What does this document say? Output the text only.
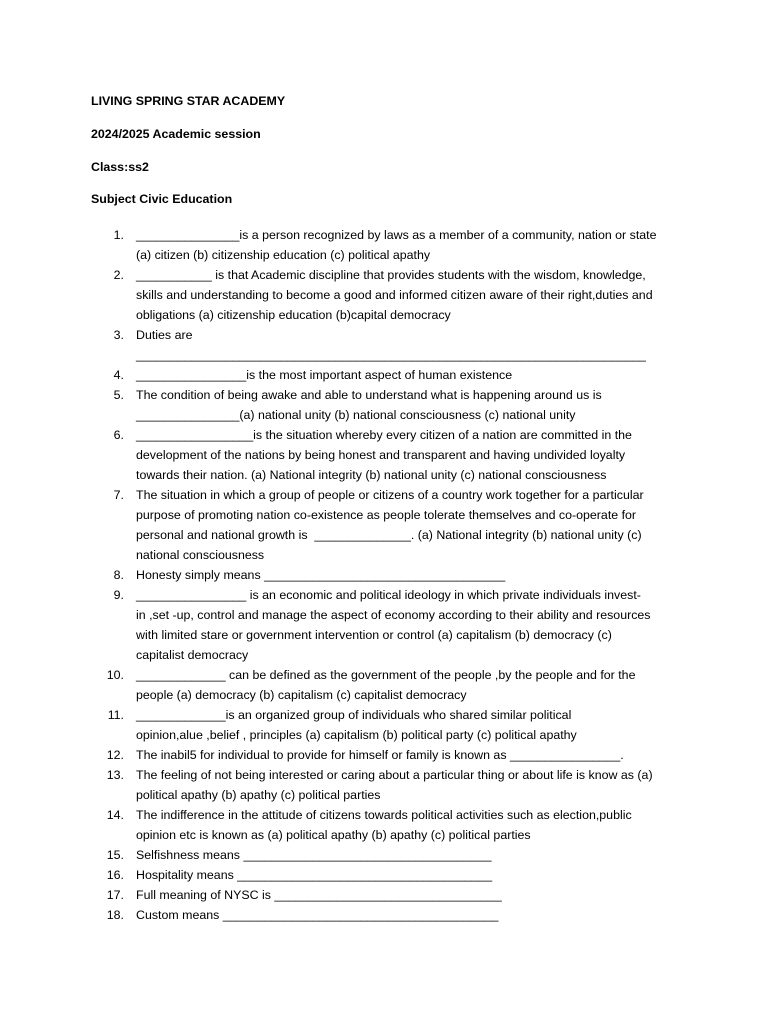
LIVING SPRING STAR ACADEMY

2024/2025 Academic session

Class:ss2

Subject Civic Education

1. _______________is a person recognized by laws as a member of a community, nation or state
(a) citizen (b) citizenship education (c) political apathy
2. ___________ is that Academic discipline that provides students with the wisdom, knowledge,
skills and understanding to become a good and informed citizen aware of their right,duties and
obligations (a) citizenship education (b)capital democracy
3. Duties are
__________________________________________________________________________
4. ________________is the most important aspect of human existence
5. The condition of being awake and able to understand what is happening around us is
_______________(a) national unity (b) national consciousness (c) national unity
6. _________________is the situation whereby every citizen of a nation are committed in the
development of the nations by being honest and transparent and having undivided loyalty
towards their nation. (a) National integrity (b) national unity (c) national consciousness
7. The situation in which a group of people or citizens of a country work together for a particular
purpose of promoting nation co-existence as people tolerate themselves and co-operate for
personal and national growth is  ______________. (a) National integrity (b) national unity (c)
national consciousness
8. Honesty simply means ___________________________________
9. ________________ is an economic and political ideology in which private individuals invest-
in ,set -up, control and manage the aspect of economy according to their ability and resources
with limited stare or government intervention or control (a) capitalism (b) democracy (c)
capitalist democracy
10. _____________ can be defined as the government of the people ,by the people and for the
people (a) democracy (b) capitalism (c) capitalist democracy
11. _____________is an organized group of individuals who shared similar political
opinion,alue ,belief , principles (a) capitalism (b) political party (c) political apathy
12. The inabil5 for individual to provide for himself or family is known as ________________.
13. The feeling of not being interested or caring about a particular thing or about life is know as (a)
political apathy (b) apathy (c) political parties
14. The indifference in the attitude of citizens towards political activities such as election,public
opinion etc is known as (a) political apathy (b) apathy (c) political parties
15. Selfishness means ____________________________________
16. Hospitality means _____________________________________
17. Full meaning of NYSC is _________________________________
18. Custom means ________________________________________
